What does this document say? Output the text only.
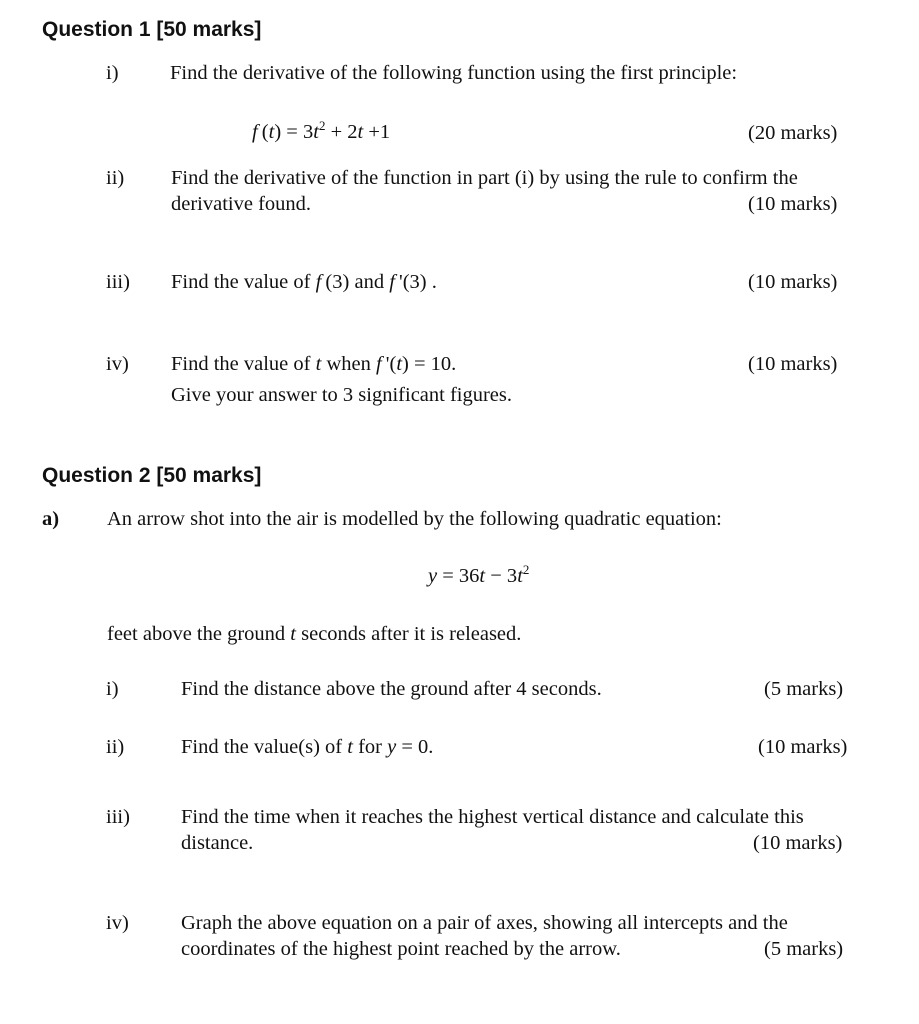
Question 1 [50 marks]
i)	Find the derivative of the following function using the first principle:
f $(t) = 3t^2 + 2t +1$	(20 marks)
ii) Find the derivative of the function in part (i) by using the rule to confirm the
derivative found.	(10 marks)
iii) Find the value of f (3) and f '(3) .	(10 marks)
iv) Find the value of t when f '(t) = 10.
Give your answer to 3 significant figures.
(10 marks)
Question 2 [50 marks]
a) An arrow shot into the air is modelled by the following quadratic equation:
$y = 36t - 3t^2$
feet above the ground t seconds after it is released.
i)	Find the distance above the ground after 4 seconds.	(5 marks)
ii)	Find the value(s) of t for y = 0.	(10 marks)
iii) Find the time when it reaches the highest vertical distance and calculate this
distance.	(10 marks)
iv)	Graph the above equation on a pair of axes, showing all intercepts and the
coordinates of the highest point reached by the arrow.	(5 marks)
